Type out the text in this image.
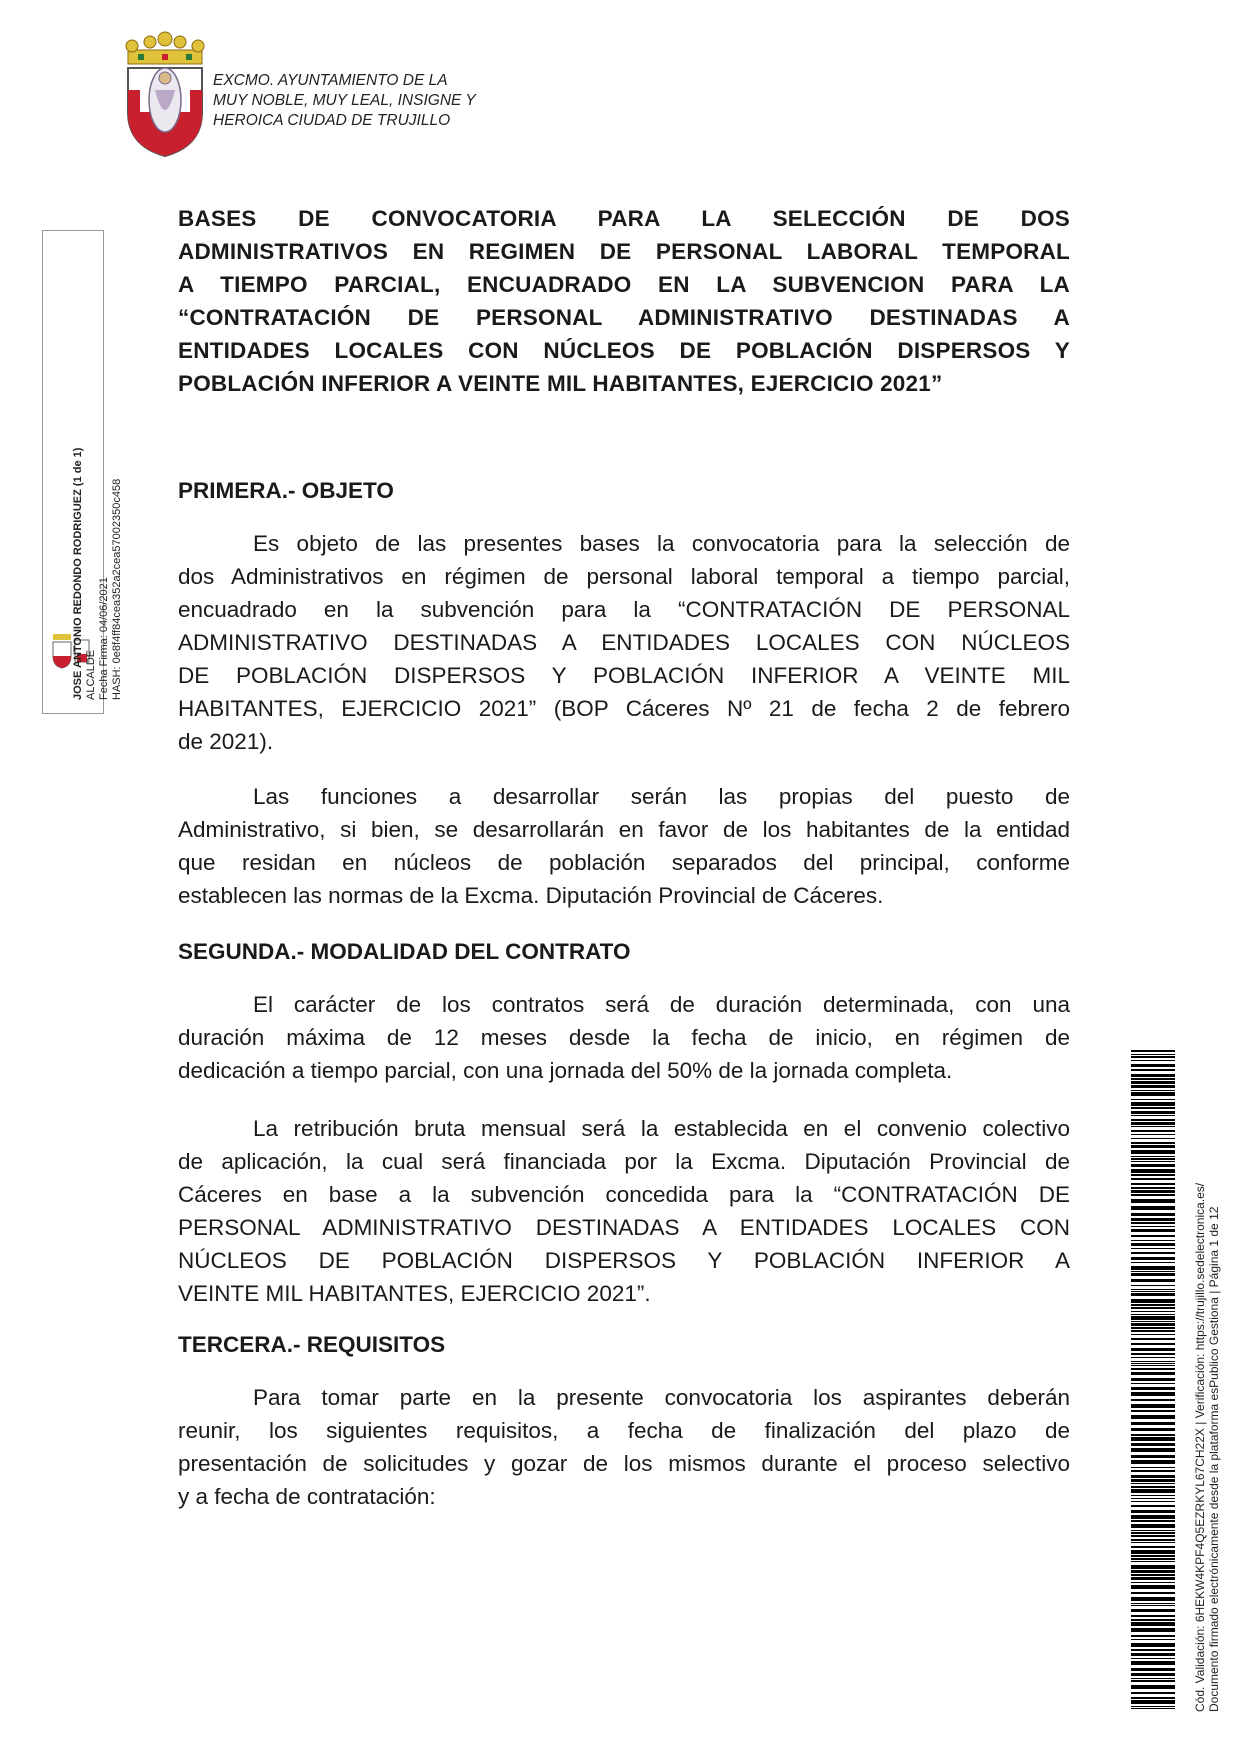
EXCMO. AYUNTAMIENTO DE LA
MUY NOBLE, MUY LEAL, INSIGNE Y
HEROICA CIUDAD DE TRUJILLO
BASES DE CONVOCATORIA PARA LA SELECCIÓN DE DOS
ADMINISTRATIVOS EN REGIMEN DE PERSONAL LABORAL TEMPORAL
A TIEMPO PARCIAL, ENCUADRADO EN LA SUBVENCION PARA LA
“CONTRATACIÓN DE PERSONAL ADMINISTRATIVO DESTINADAS A
ENTIDADES LOCALES CON NÚCLEOS DE POBLACIÓN DISPERSOS Y
POBLACIÓN INFERIOR A VEINTE MIL HABITANTES, EJERCICIO 2021”
PRIMERA.- OBJETO
Es objeto de las presentes bases la convocatoria para la selección de
dos Administrativos en régimen de personal laboral temporal a tiempo parcial,
encuadrado en la subvención para la “CONTRATACIÓN DE PERSONAL
ADMINISTRATIVO DESTINADAS A ENTIDADES LOCALES CON NÚCLEOS
DE POBLACIÓN DISPERSOS Y POBLACIÓN INFERIOR A VEINTE MIL
HABITANTES, EJERCICIO 2021” (BOP Cáceres Nº 21 de fecha 2 de febrero
de 2021).
Las funciones a desarrollar serán las propias del puesto de
Administrativo, si bien, se desarrollarán en favor de los habitantes de la entidad
que residan en núcleos de población separados del principal, conforme
establecen las normas de la Excma. Diputación Provincial de Cáceres.
SEGUNDA.- MODALIDAD DEL CONTRATO
El carácter de los contratos será de duración determinada, con una
duración máxima de 12 meses desde la fecha de inicio, en régimen de
dedicación a tiempo parcial, con una jornada del 50% de la jornada completa.
La retribución bruta mensual será la establecida en el convenio colectivo
de aplicación, la cual será financiada por la Excma. Diputación Provincial de
Cáceres en base a la subvención concedida para la “CONTRATACIÓN DE
PERSONAL ADMINISTRATIVO DESTINADAS A ENTIDADES LOCALES CON
NÚCLEOS DE POBLACIÓN DISPERSOS Y POBLACIÓN INFERIOR A
VEINTE MIL HABITANTES, EJERCICIO 2021”.
TERCERA.- REQUISITOS
Para tomar parte en la presente convocatoria los aspirantes deberán
reunir, los siguientes requisitos, a fecha de finalización del plazo de
presentación de solicitudes y gozar de los mismos durante el proceso selectivo
y a fecha de contratación:
JOSE ANTONIO REDONDO RODRIGUEZ (1 de 1) ALCALDE Fecha Firma: 04/06/2021 HASH: 0e8f4ff84cea352a2cea57002350c458
Cód. Validación: 6HEKW4KPF4Q5EZRKYL67CH22X | Verificación: https://trujillo.sedelectronica.es/ Documento firmado electrónicamente desde la plataforma esPublico Gestiona | Página 1 de 12
